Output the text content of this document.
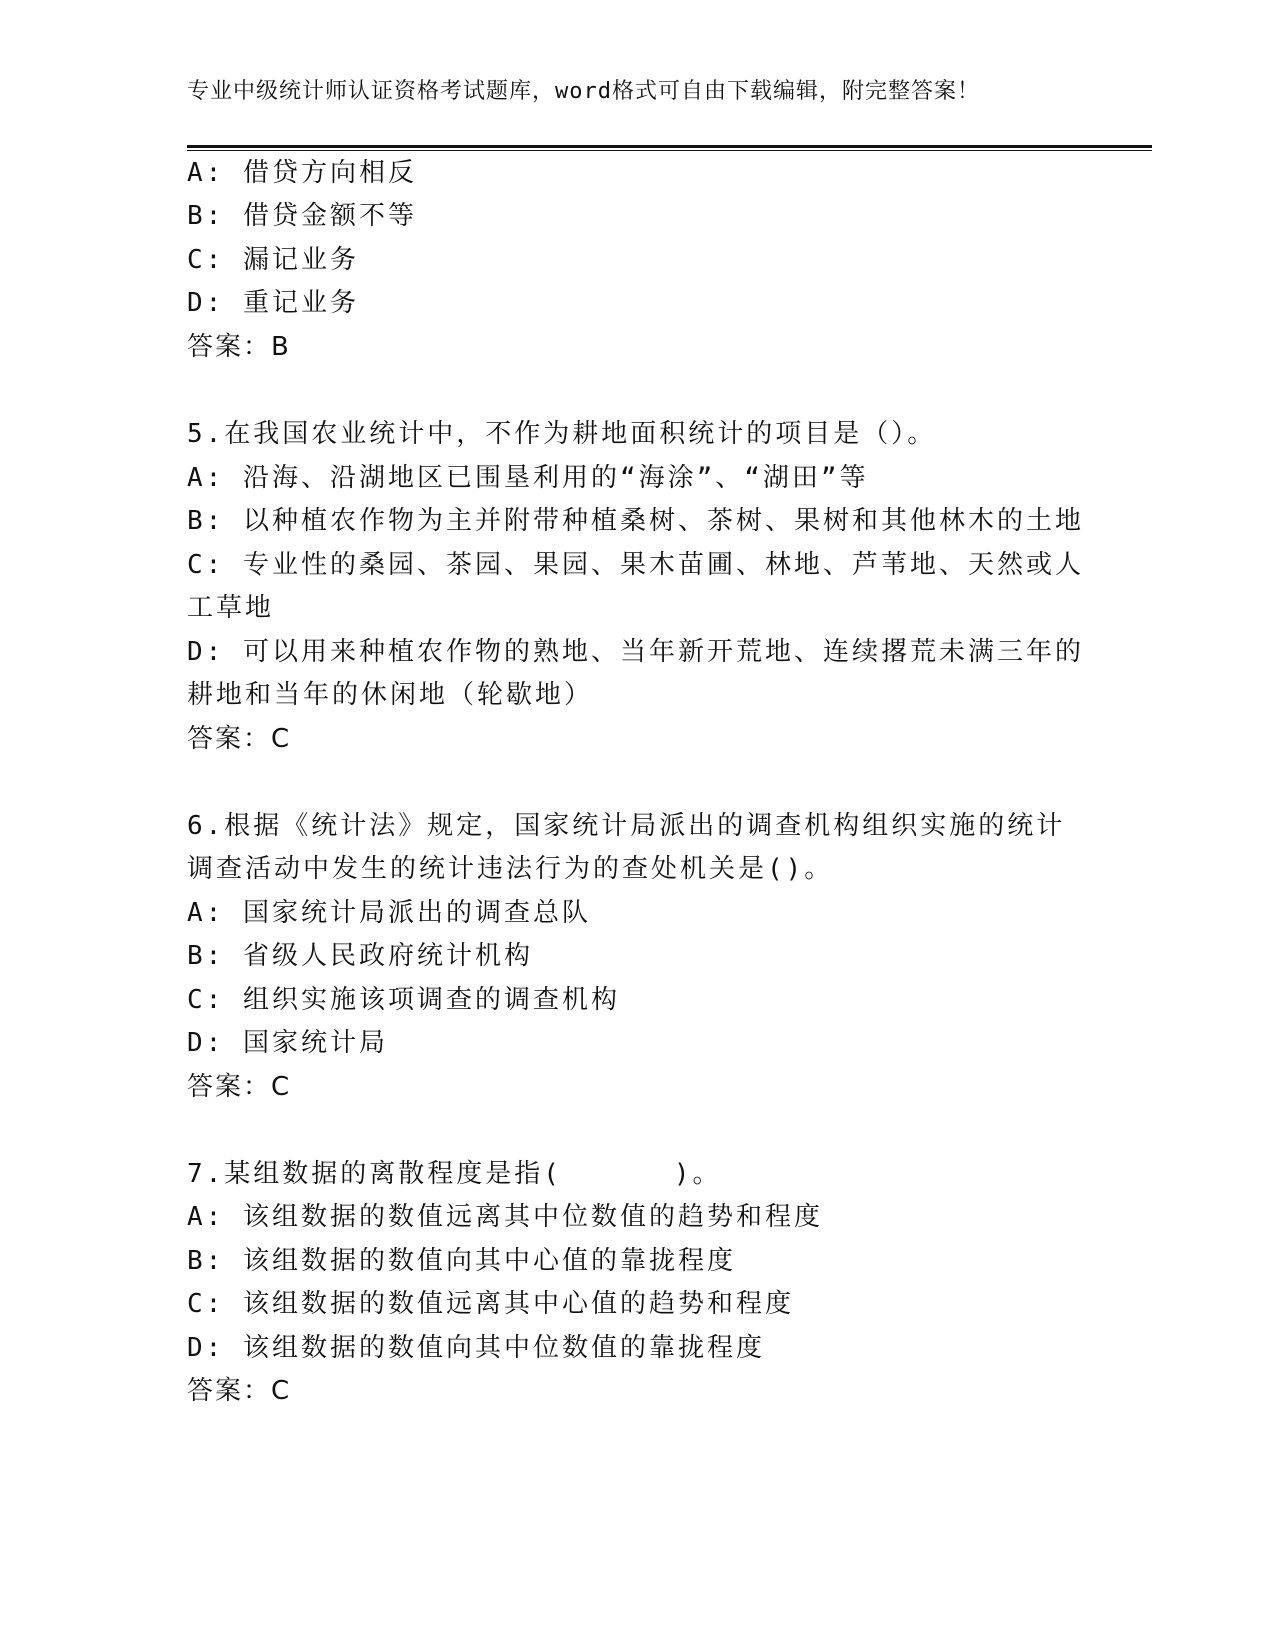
专业中级统计师认证资格考试题库，word格式可自由下载编辑，附完整答案！
A: 借贷方向相反
B: 借贷金额不等
C: 漏记业务
D: 重记业务
答案：B
5.在我国农业统计中，不作为耕地面积统计的项目是（）。
A: 沿海、沿湖地区已围垦利用的“海涂”、“湖田”等
B: 以种植农作物为主并附带种植桑树、茶树、果树和其他林木的土地
C: 专业性的桑园、茶园、果园、果木苗圃、林地、芦苇地、天然或人
工草地
D: 可以用来种植农作物的熟地、当年新开荒地、连续撂荒未满三年的
耕地和当年的休闲地（轮歇地）
答案：C
6.根据《统计法》规定，国家统计局派出的调查机构组织实施的统计
调查活动中发生的统计违法行为的查处机关是()。
A: 国家统计局派出的调查总队
B: 省级人民政府统计机构
C: 组织实施该项调查的调查机构
D: 国家统计局
答案：C
7.某组数据的离散程度是指(      )。
A: 该组数据的数值远离其中位数值的趋势和程度
B: 该组数据的数值向其中心值的靠拢程度
C: 该组数据的数值远离其中心值的趋势和程度
D: 该组数据的数值向其中位数值的靠拢程度
答案：C
